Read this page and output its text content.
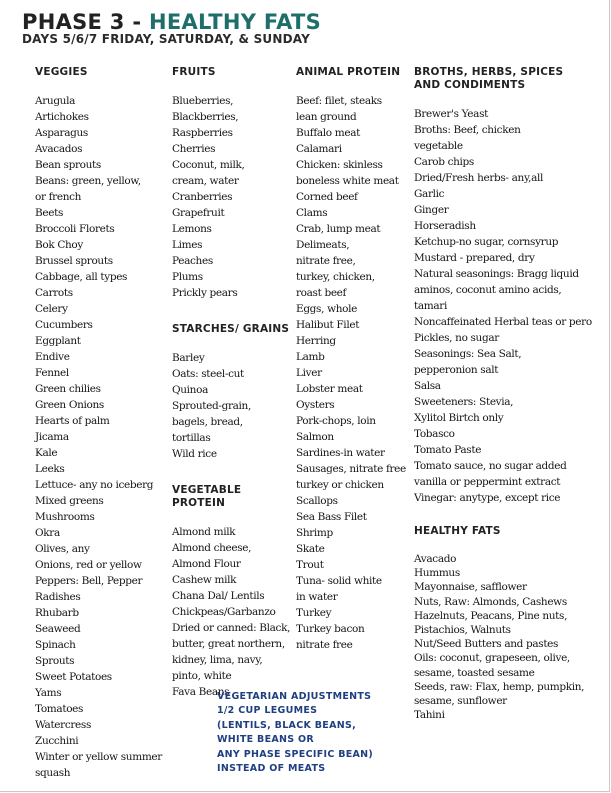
PHASE 3 - HEALTHY FATS

DAYS 5/6/7 FRIDAY, SATURDAY, & SUNDAY

VEGGIES
Arugula
Artichokes
Asparagus
Avacados
Bean sprouts
Beans: green, yellow,
or french
Beets
Broccoli Florets
Bok Choy
Brussel sprouts
Cabbage, all types
Carrots
Celery
Cucumbers
Eggplant
Endive
Fennel
Green chilies
Green Onions
Hearts of palm
Jicama
Kale
Leeks
Lettuce- any no iceberg
Mixed greens
Mushrooms
Okra
Olives, any
Onions, red or yellow
Peppers: Bell, Pepper
Radishes
Rhubarb
Seaweed
Spinach
Sprouts
Sweet Potatoes
Yams
Tomatoes
Watercress
Zucchini
Winter or yellow summer
squash
FRUITS
Blueberries,
Blackberries,
Raspberries
Cherries
Coconut, milk,
cream, water
Cranberries
Grapefruit
Lemons
Limes
Peaches
Plums
Prickly pears
STARCHES/ GRAINS
Barley
Oats: steel-cut
Quinoa
Sprouted-grain,
bagels, bread,
tortillas
Wild rice
VEGETABLE PROTEIN
Almond milk
Almond cheese,
Almond Flour
Cashew milk
Chana Dal/ Lentils
Chickpeas/Garbanzo
Dried or canned: Black,
butter, great northern,
kidney, lima, navy,
pinto, white
Fava Beans
ANIMAL PROTEIN
Beef: filet, steaks
lean ground
Buffalo meat
Calamari
Chicken: skinless
boneless white meat
Corned beef
Clams
Crab, lump meat
Delimeats,
nitrate free,
turkey, chicken,
roast beef
Eggs, whole
Halibut Filet
Herring
Lamb
Liver
Lobster meat
Oysters
Pork-chops, loin
Salmon
Sardines-in water
Sausages, nitrate free
turkey or chicken
Scallops
Sea Bass Filet
Shrimp
Skate
Trout
Tuna- solid white
in water
Turkey
Turkey bacon
nitrate free
BROTHS, HERBS, SPICES
AND CONDIMENTS
Brewer's Yeast
Broths: Beef, chicken
vegetable
Carob chips
Dried/Fresh herbs- any,all
Garlic
Ginger
Horseradish
Ketchup-no sugar, cornsyrup
Mustard - prepared, dry
Natural seasonings: Bragg liquid
aminos, coconut amino acids,
tamari
Noncaffeinated Herbal teas or pero
Pickles, no sugar
Seasonings: Sea Salt,
pepperonion salt
Salsa
Sweeteners: Stevia,
Xylitol Birtch only
Tobasco
Tomato Paste
Tomato sauce, no sugar added
vanilla or peppermint extract
Vinegar: anytype, except rice
HEALTHY FATS
Avacado
Hummus
Mayonnaise, safflower
Nuts, Raw: Almonds, Cashews
Hazelnuts, Peacans, Pine nuts,
Pistachios, Walnuts
Nut/Seed Butters and pastes
Oils: coconut, grapeseen, olive,
sesame, toasted sesame
Seeds, raw: Flax, hemp, pumpkin,
sesame, sunflower
Tahini
VEGETARIAN ADJUSTMENTS
1/2 CUP LEGUMES
(LENTILS, BLACK BEANS,
WHITE BEANS OR
ANY PHASE SPECIFIC BEAN)
INSTEAD OF MEATS
